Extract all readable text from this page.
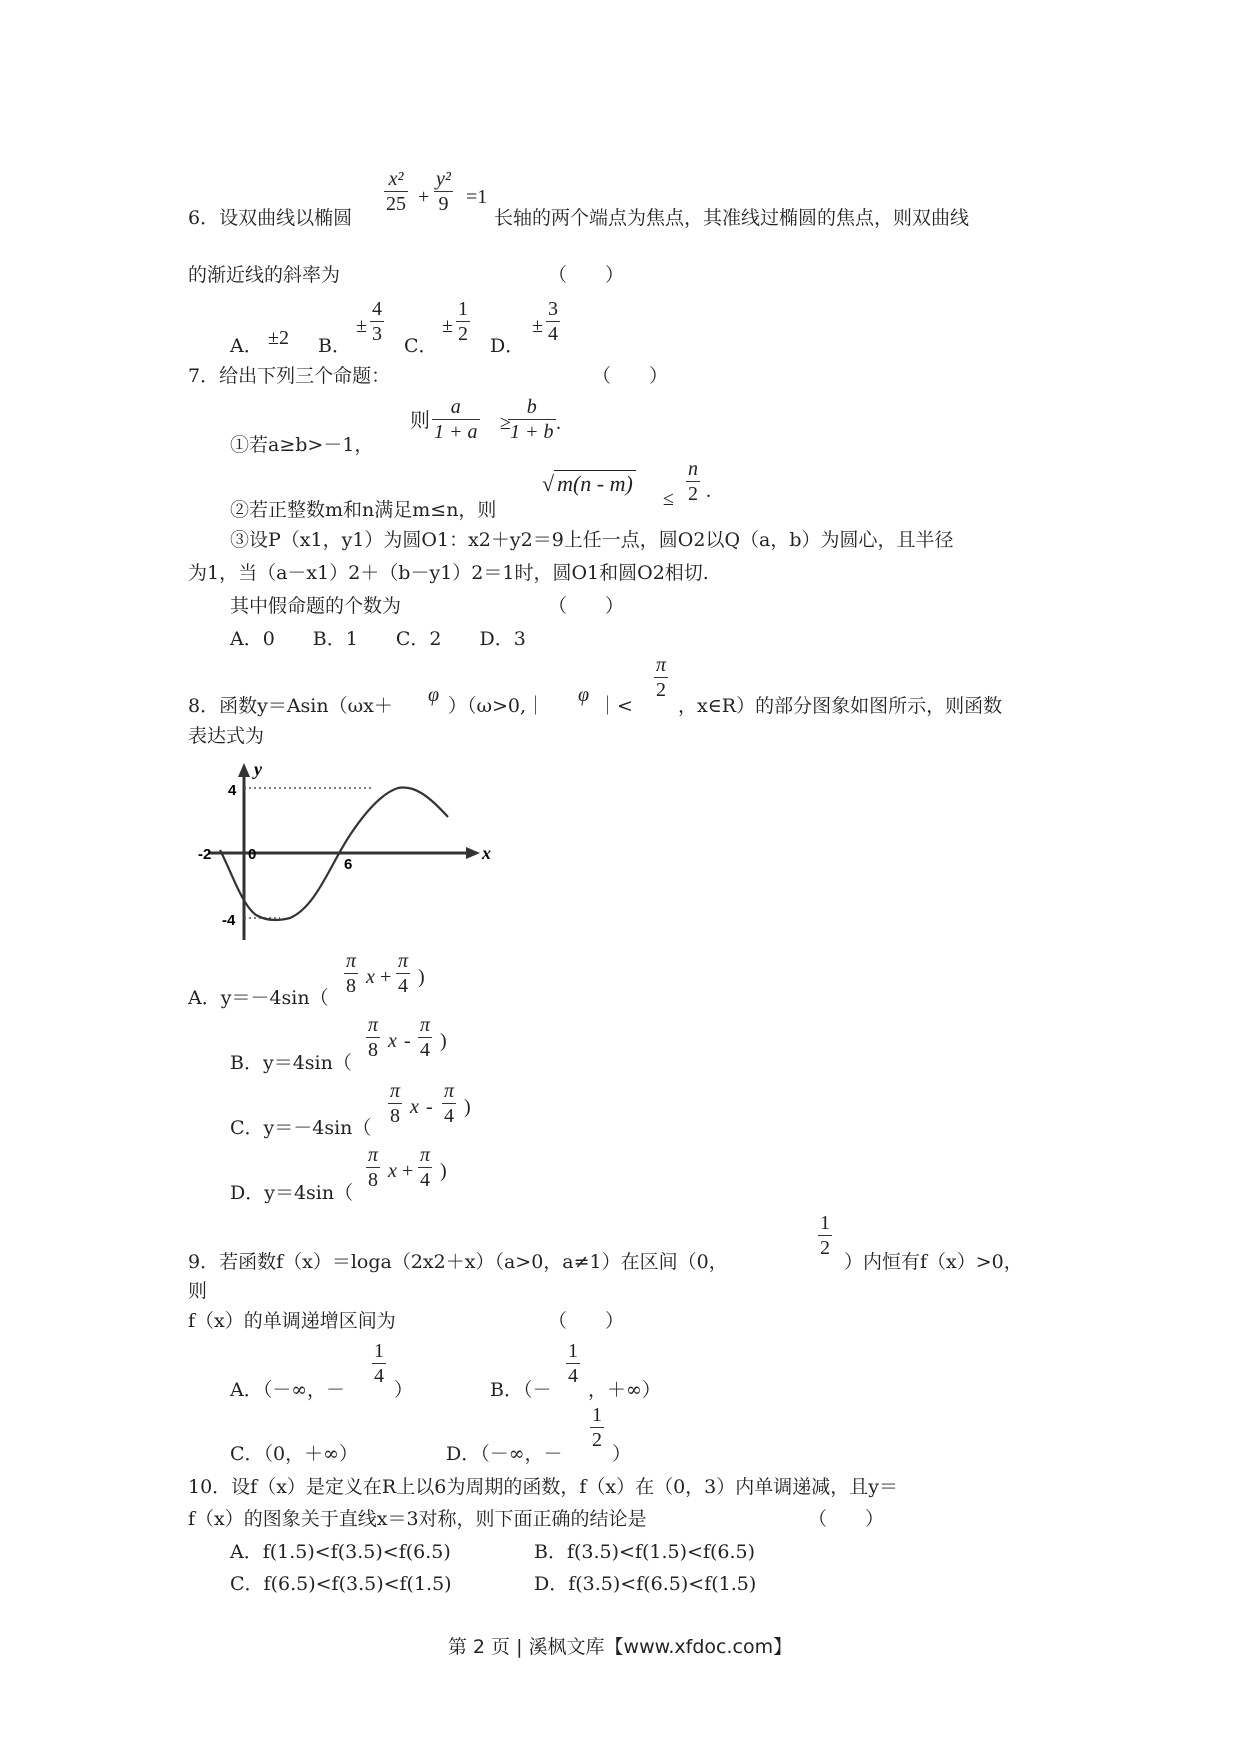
6．设双曲线以椭圆
x²
25 +
y²
9 =1
长轴的两个端点为焦点，其准线过椭圆的焦点，则双曲线
的渐近线的斜率为	（　　）
A． ±2 B．
±
4
3
C．
±
1
2
D．
±
3
4
7．给出下列三个命题：	（　　）
①若a≥b>－1，
则
a
1 + a ≥
b
1 + b .
②若正整数m和n满足m≤n，则
√ m(n - m)
≤
n
2 .
③设P（x1，y1）为圆O1：x2＋y2＝9上任一点，圆O2以Q（a，b）为圆心，且半径
为1，当（a－x1）2＋（b－y1）2＝1时，圆O1和圆O2相切.
其中假命题的个数为	（　　）
A．0　　B．1　　C．2　　D．3
8．函数y＝Asin（ωx＋ φ ）（ω>0,｜ φ ｜<
π
2
，x∈R）的部分图象如图所示，则函数
表达式为
y
x
4
-4
-2 0
6
A．y＝－4sin（
π
8 x +
π
4 )
B．y＝4sin（
π
8 x -
π
4 )
C．y＝－4sin（
π
8 x -
π
4 )
D．y＝4sin（
π
8 x +
π
4 )
9．若函数f（x）＝loga（2x2＋x）（a>0，a≠1）在区间（0，
1
2
）内恒有f（x）>0，
则
f（x）的单调递增区间为	（　　）
A．（－∞，－
1
4
）	B．（－
1
4
，＋∞）
C．（0，＋∞）	D．（－∞，－
1
2
）
10．设f（x）是定义在R上以6为周期的函数，f（x）在（0，3）内单调递减，且y＝
f（x）的图象关于直线x＝3对称，则下面正确的结论是	（　　）
A．f(1.5)<f(3.5)<f(6.5)	B．f(3.5)<f(1.5)<f(6.5)
C．f(6.5)<f(3.5)<f(1.5)	D．f(3.5)<f(6.5)<f(1.5)
第 2 页 | 溪枫文库【www.xfdoc.com】
